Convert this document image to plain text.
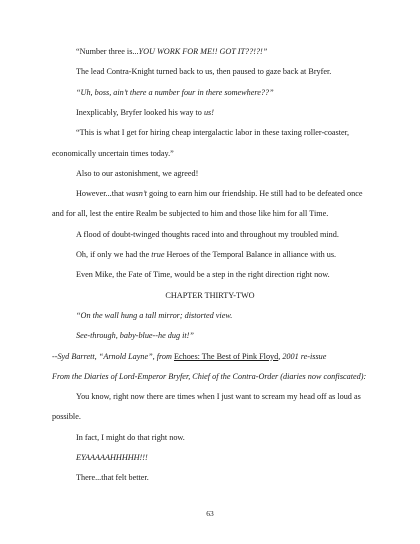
“Number three is...YOU WORK FOR ME!! GOT IT??!?!”
The lead Contra-Knight turned back to us, then paused to gaze back at Bryfer.
“Uh, boss, ain’t there a number four in there somewhere??”
Inexplicably, Bryfer looked his way to us!
“This is what I get for hiring cheap intergalactic labor in these taxing roller-coaster,
economically uncertain times today.”
Also to our astonishment, we agreed!
However...that wasn’t going to earn him our friendship. He still had to be defeated once
and for all, lest the entire Realm be subjected to him and those like him for all Time.
A flood of doubt-twinged thoughts raced into and throughout my troubled mind.
Oh, if only we had the true Heroes of the Temporal Balance in alliance with us.
Even Mike, the Fate of Time, would be a step in the right direction right now.
CHAPTER THIRTY-TWO
“On the wall hung a tall mirror; distorted view.
See-through, baby-blue--he dug it!”
--Syd Barrett, “Arnold Layne”, from Echoes: The Best of Pink Floyd, 2001 re-issue
From the Diaries of Lord-Emperor Bryfer, Chief of the Contra-Order (diaries now confiscated):
You know, right now there are times when I just want to scream my head off as loud as
possible.
In fact, I might do that right now.
EYAAAAAHHHHH!!!
There...that felt better.
63
